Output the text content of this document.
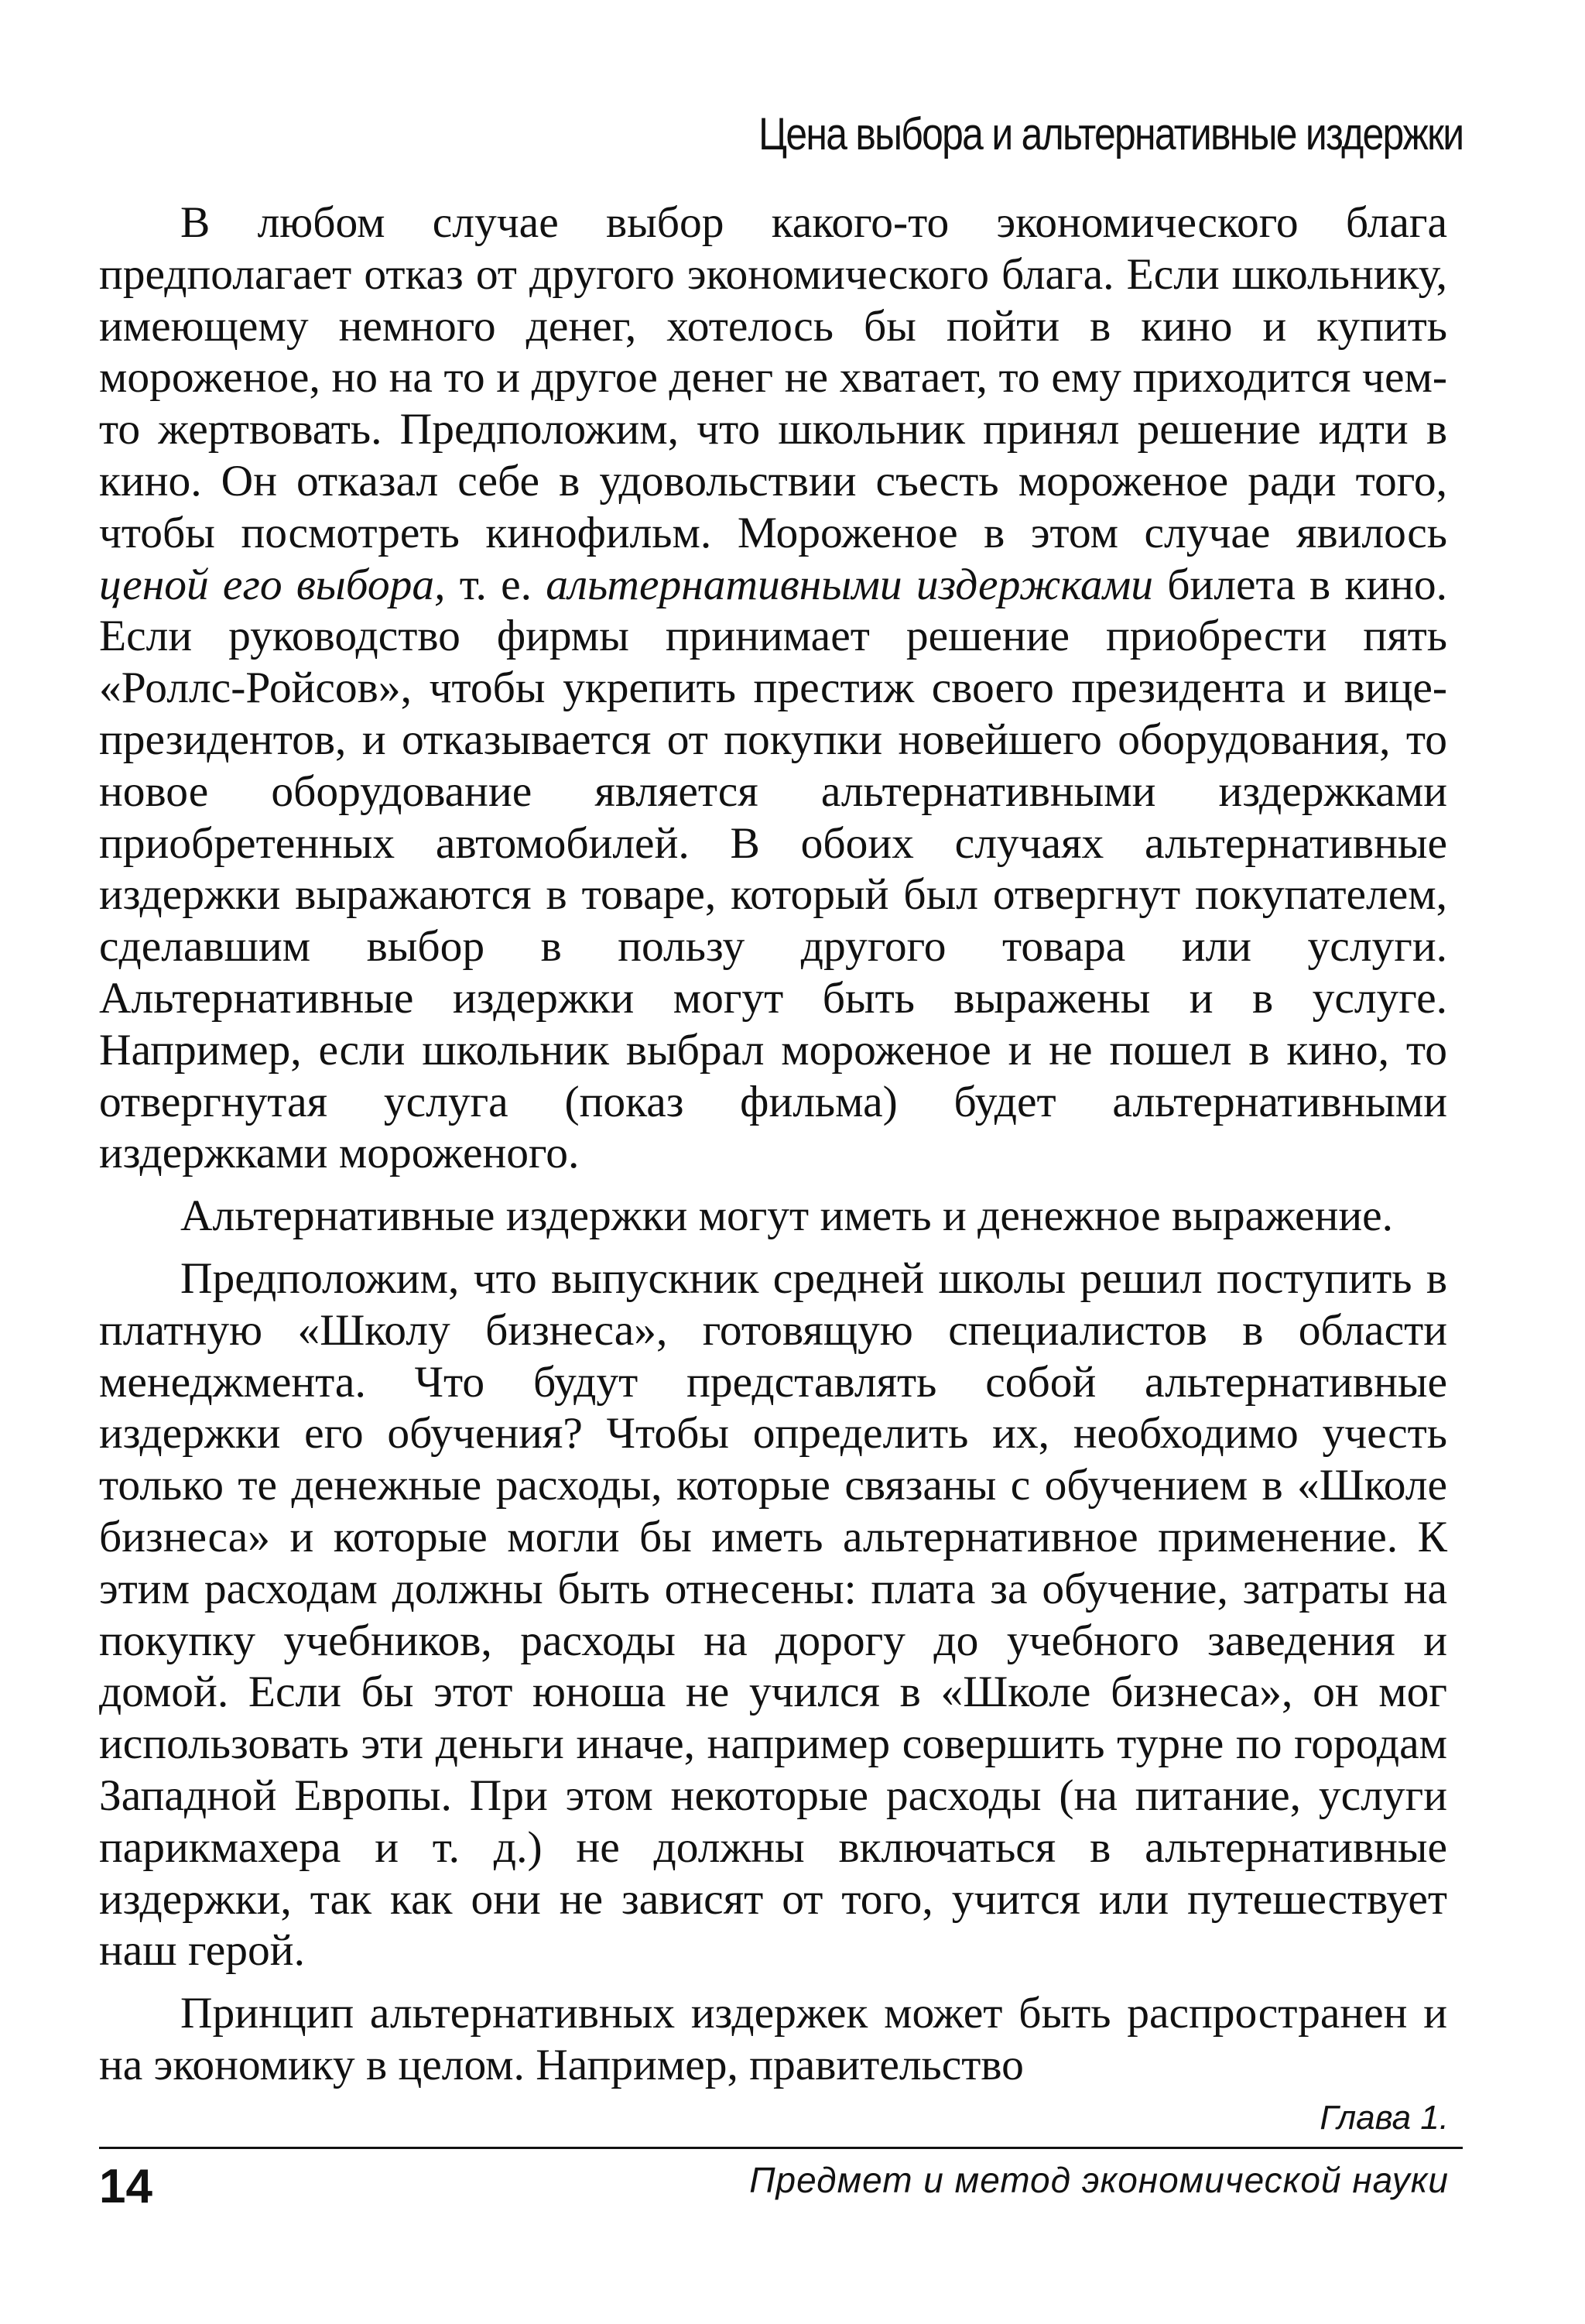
Цена выбора и альтернативные издержки

В любом случае выбор какого-то экономического блага предполагает отказ от другого экономического блага. Если школьнику, имеющему немного денег, хотелось бы пойти в кино и купить мороженое, но на то и другое денег не хватает, то ему приходится чем-то жертвовать. Предположим, что школьник принял решение идти в кино. Он отказал себе в удовольствии съесть мороженое ради того, чтобы посмотреть кинофильм. Мороженое в этом случае явилось ценой его выбора, т. е. альтернативными издержками билета в кино. Если руководство фирмы принимает решение приобрести пять «Роллс-Ройсов», чтобы укрепить престиж своего президента и вице-президентов, и отказывается от покупки новейшего оборудования, то новое оборудование является альтернативными издержками приобретенных автомобилей. В обоих случаях альтернативные издержки выражаются в товаре, который был отвергнут покупателем, сделавшим выбор в пользу другого товара или услуги. Альтернативные издержки могут быть выражены и в услуге. Например, если школьник выбрал мороженое и не пошел в кино, то отвергнутая услуга (показ фильма) будет альтернативными издержками мороженого.

Альтернативные издержки могут иметь и денежное выражение.

Предположим, что выпускник средней школы решил поступить в платную «Школу бизнеса», готовящую специалистов в области менеджмента. Что будут представлять собой альтернативные издержки его обучения? Чтобы определить их, необходимо учесть только те денежные расходы, которые связаны с обучением в «Школе бизнеса» и которые могли бы иметь альтернативное применение. К этим расходам должны быть отнесены: плата за обучение, затраты на покупку учебников, расходы на дорогу до учебного заведения и домой. Если бы этот юноша не учился в «Школе бизнеса», он мог использовать эти деньги иначе, например совершить турне по городам Западной Европы. При этом некоторые расходы (на питание, услуги парикмахера и т. д.) не должны включаться в альтернативные издержки, так как они не зависят от того, учится или путешествует наш герой.

Принцип альтернативных издержек может быть распространен и на экономику в целом. Например, правительство

Глава 1.
14	Предмет и метод экономической науки
